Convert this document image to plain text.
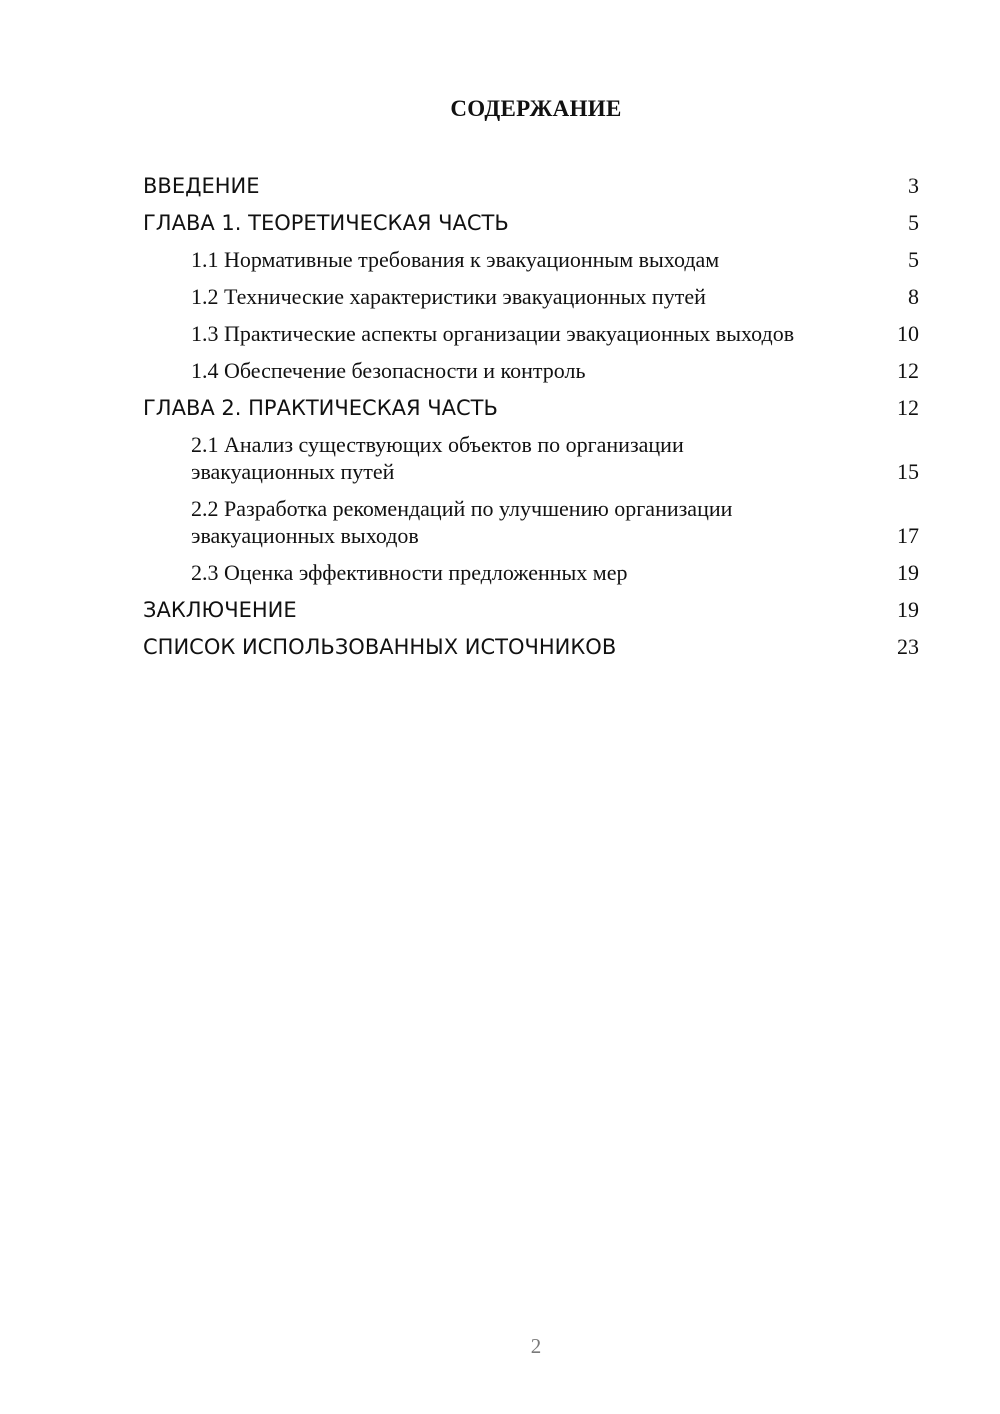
СОДЕРЖАНИЕ
ВВЕДЕНИЕ	3
ГЛАВА 1. ТЕОРЕТИЧЕСКАЯ ЧАСТЬ	5
1.1 Нормативные требования к эвакуационным выходам	5
1.2 Технические характеристики эвакуационных путей	8
1.3 Практические аспекты организации эвакуационных выходов	10
1.4 Обеспечение безопасности и контроль	12
ГЛАВА 2. ПРАКТИЧЕСКАЯ ЧАСТЬ	12
2.1 Анализ существующих объектов по организации эвакуационных путей	15
2.2 Разработка рекомендаций по улучшению организации эвакуационных выходов	17
2.3 Оценка эффективности предложенных мер	19
ЗАКЛЮЧЕНИЕ	19
СПИСОК ИСПОЛЬЗОВАННЫХ ИСТОЧНИКОВ	23
2
